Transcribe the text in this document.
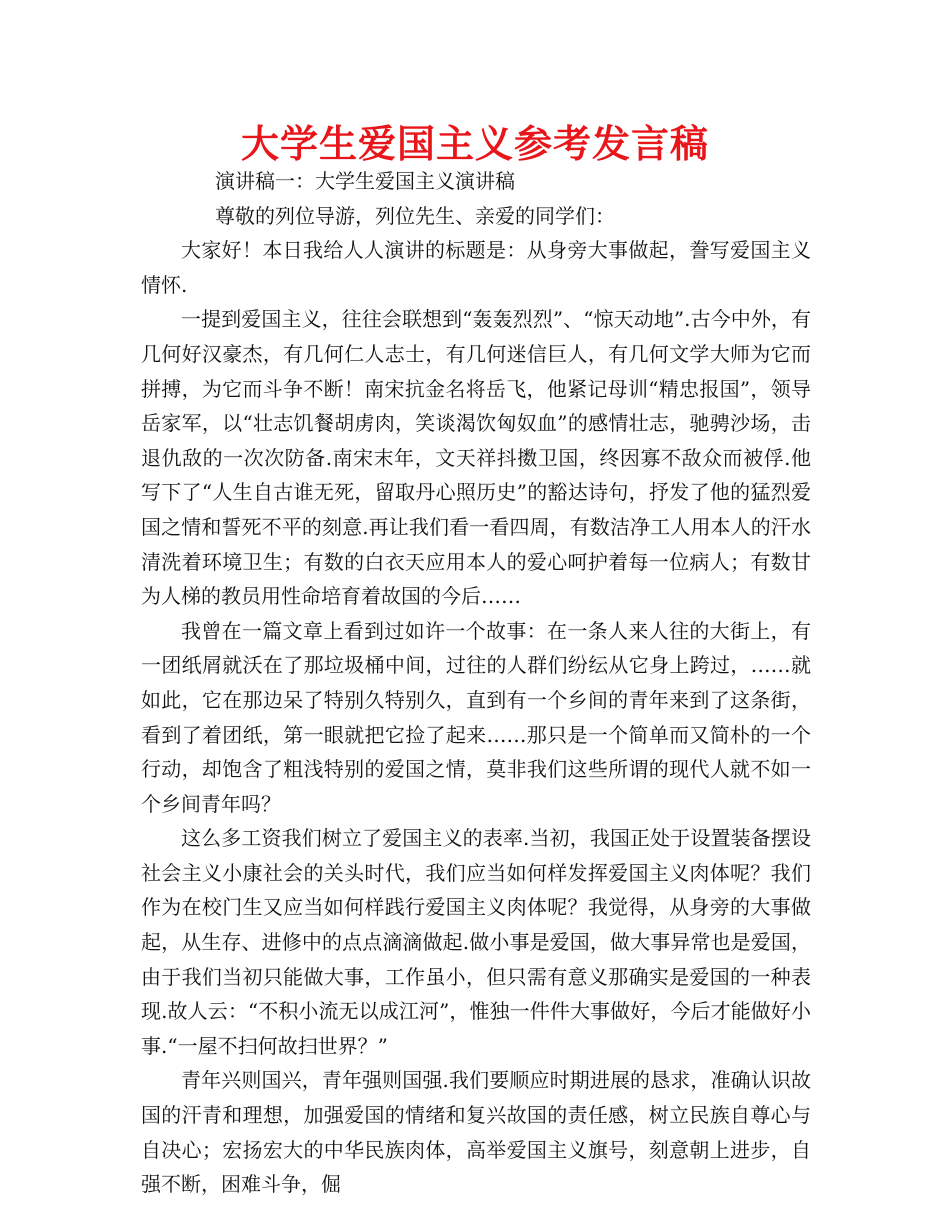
大学生爱国主义参考发言稿

演讲稿一：大学生爱国主义演讲稿

尊敬的列位导游，列位先生、亲爱的同学们：

大家好！本日我给人人演讲的标题是：从身旁大事做起，誊写爱国主义情怀.

一提到爱国主义，往往会联想到“轰轰烈烈”、“惊天动地”.古今中外，有几何好汉豪杰，有几何仁人志士，有几何迷信巨人，有几何文学大师为它而拼搏，为它而斗争不断！南宋抗金名将岳飞，他紧记母训“精忠报国”，领导岳家军，以“壮志饥餐胡虏肉，笑谈渴饮匈奴血”的感情壮志，驰骋沙场，击退仇敌的一次次防备.南宋末年，文天祥抖擞卫国，终因寡不敌众而被俘.他写下了“人生自古谁无死，留取丹心照历史”的豁达诗句，抒发了他的猛烈爱国之情和誓死不平的刻意.再让我们看一看四周，有数洁净工人用本人的汗水清洗着环境卫生；有数的白衣天应用本人的爱心呵护着每一位病人；有数甘为人梯的教员用性命培育着故国的今后……

我曾在一篇文章上看到过如许一个故事：在一条人来人往的大街上，有一团纸屑就沃在了那垃圾桶中间，过往的人群们纷纭从它身上跨过，……就如此，它在那边呆了特别久特别久，直到有一个乡间的青年来到了这条街，看到了着团纸，第一眼就把它捡了起来……那只是一个简单而又简朴的一个行动，却饱含了粗浅特别的爱国之情，莫非我们这些所谓的现代人就不如一个乡间青年吗？

这么多工资我们树立了爱国主义的表率.当初，我国正处于设置装备摆设社会主义小康社会的关头时代，我们应当如何样发挥爱国主义肉体呢？我们作为在校门生又应当如何样践行爱国主义肉体呢？我觉得，从身旁的大事做起，从生存、进修中的点点滴滴做起.做小事是爱国，做大事异常也是爱国，由于我们当初只能做大事，工作虽小，但只需有意义那确实是爱国的一种表现.故人云：“不积小流无以成江河”，惟独一件件大事做好，今后才能做好小事.“一屋不扫何故扫世界？”

青年兴则国兴，青年强则国强.我们要顺应时期进展的恳求，准确认识故国的汗青和理想，加强爱国的情绪和复兴故国的责任感，树立民族自尊心与自决心；宏扬宏大的中华民族肉体，高举爱国主义旗号，刻意朝上进步，自强不断，困难斗争，倔
